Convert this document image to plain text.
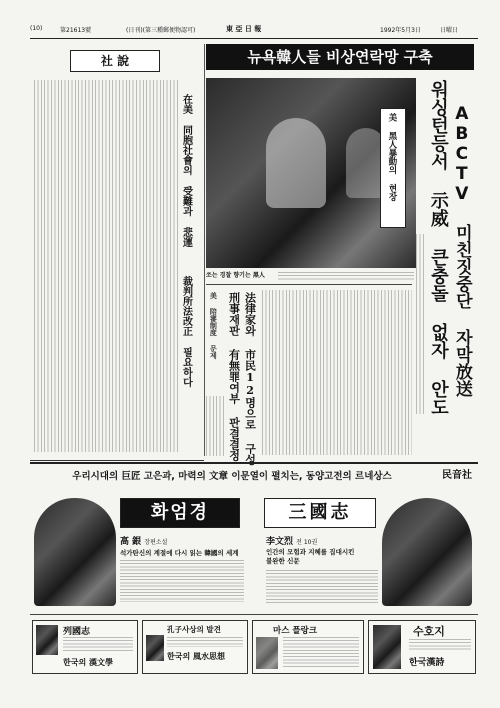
(10)	第21613號	(日刊)(第三種郵便物認可)	東 亞 日 報	1992年5月3日	日曜日
社 說
在美 同胞社會의 受難과 悲運
裁判所法改正 필요하다
뉴욕韓人들 비상연락망 구축
美 黑人暴動의 현장
쏘는 경찰 향기는 黑人	워싱턴등서 示威 큰충돌 없자 안도 ABCTV 미친짓중단 자막放送
美 陪審制度 문제 法律家와 市民12명으로 구성
刑事재판 有無罪여부 판결결정
우리시대의 巨匠 고은과, 마력의 文章 이문열이 펼치는, 동양고전의 르네상스	民音社
화엄경
高 銀 장편소설
석가탄신의 계절에 다시 읽는 韓國의 세계
三國志
李文烈 전 10권
인간의 모험과 지혜를 집대시킨
불완한 신문
列國志
한국의 漢文學
孔子사상의 발견
한국의 風水思想
마스 플랑크	수호지
한국漢詩
